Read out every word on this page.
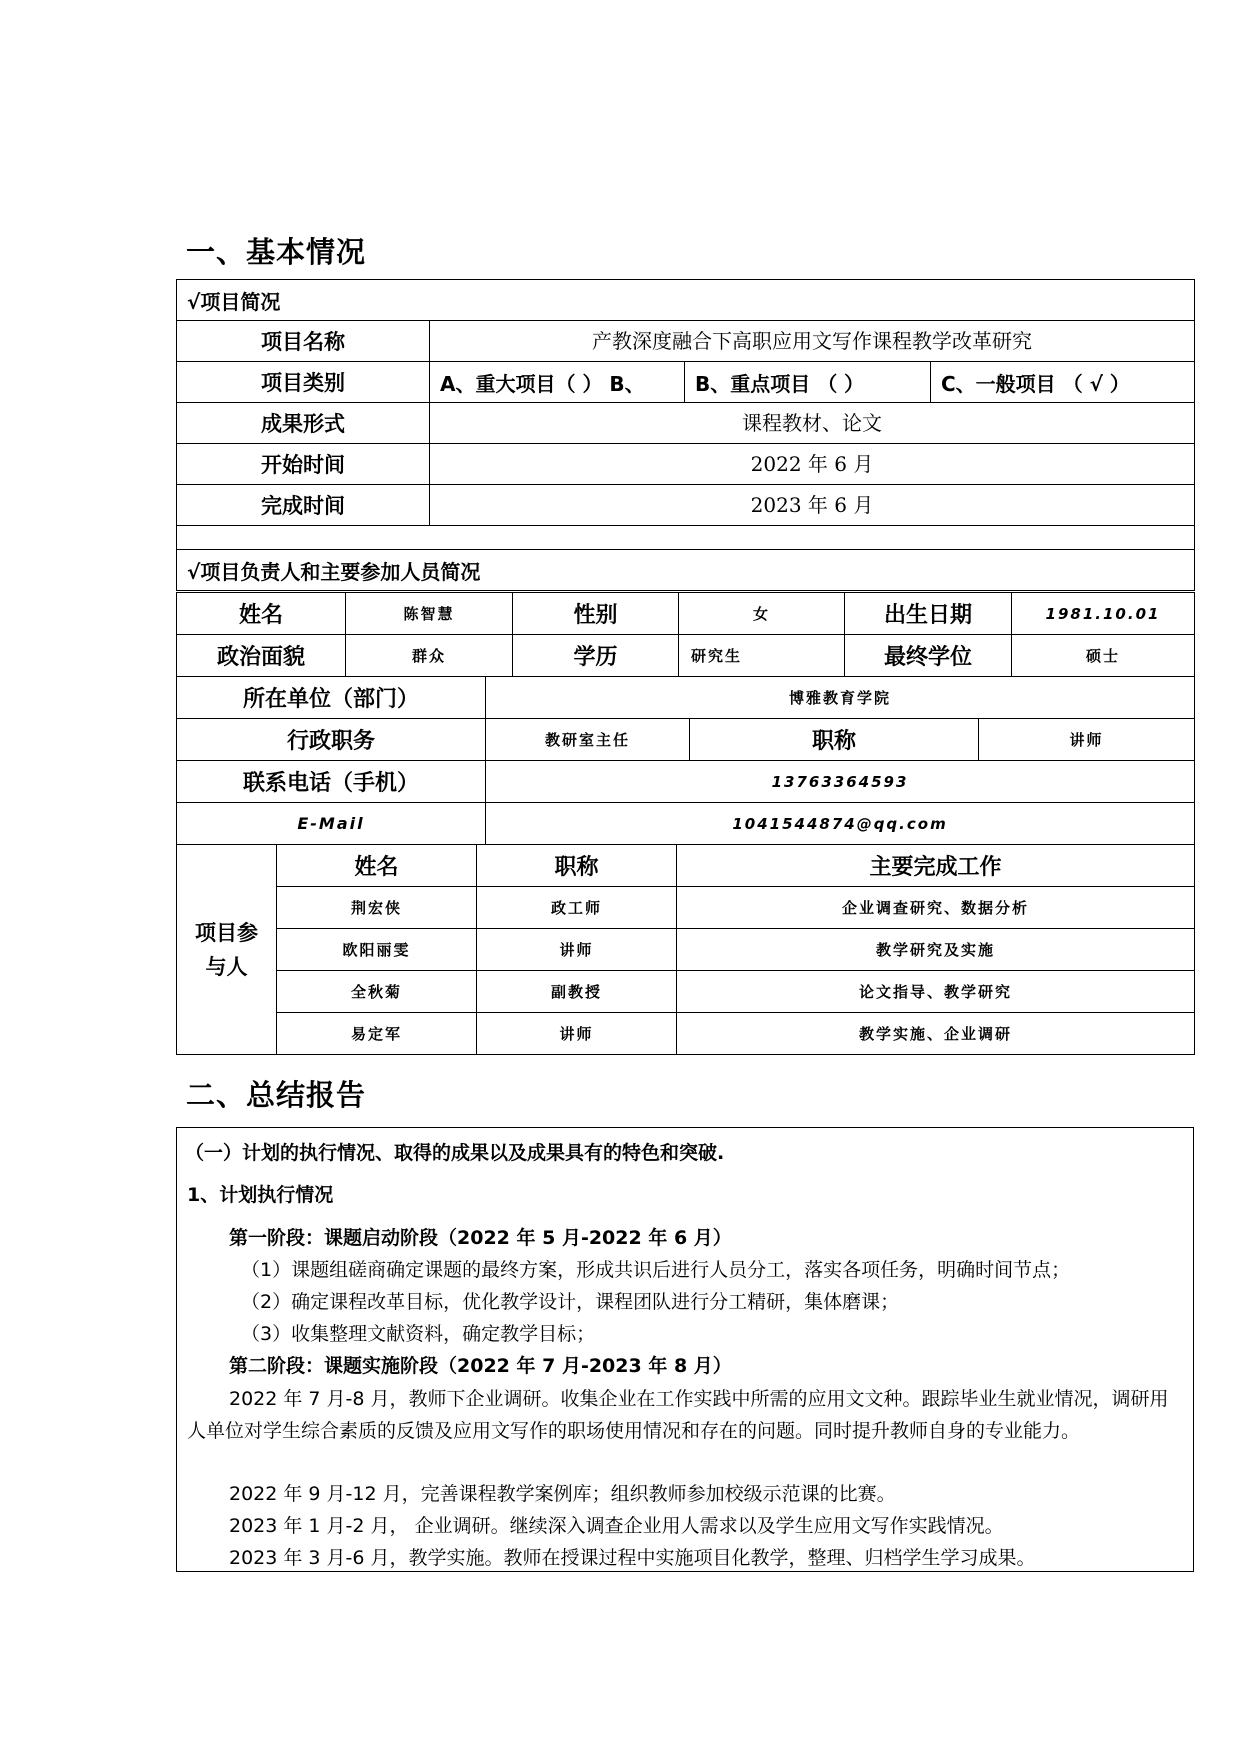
一、基本情况
√项目简况			
项目名称	产教深度融合下高职应用文写作课程教学改革研究		
项目类别	A、重大项目（ ） B、	B、重点项目 （ ）	C、一般项目 （ √ ）
成果形式	课程教材、论文		
开始时间	2022 年 6 月		
完成时间	2023 年 6 月		

√项目负责人和主要参加人员简况			
姓名	陈智慧	性别	女	出生日期	1981.10.01
政治面貌	群众	学历	研究生	最终学位	硕士
所在单位（部门）	博雅教育学院		
行政职务	教研室主任	职称	讲师
联系电话（手机）	13763364593		
E-Mail	1041544874@qq.com		
项目参
与人	姓名	职称	主要完成工作
	荆宏侠	政工师	企业调查研究、数据分析
	欧阳丽雯	讲师	教学研究及实施
	全秋菊	副教授	论文指导、教学研究
	易定军	讲师	教学实施、企业调研
二、总结报告

（一）计划的执行情况、取得的成果以及成果具有的特色和突破.

1、计划执行情况

第一阶段：课题启动阶段（2022 年 5 月-2022 年 6 月）

（1）课题组磋商确定课题的最终方案，形成共识后进行人员分工，落实各项任务，明确时间节点；

（2）确定课程改革目标，优化教学设计，课程团队进行分工精研，集体磨课；

（3）收集整理文献资料，确定教学目标；

第二阶段：课题实施阶段（2022 年 7 月-2023 年 8 月）

2022 年 7 月-8 月，教师下企业调研。收集企业在工作实践中所需的应用文文种。跟踪毕业生就业情况，调研用人单位对学生综合素质的反馈及应用文写作的职场使用情况和存在的问题。同时提升教师自身的专业能力。

2022 年 9 月-12 月，完善课程教学案例库；组织教师参加校级示范课的比赛。

2023 年 1 月-2 月， 企业调研。继续深入调查企业用人需求以及学生应用文写作实践情况。

2023 年 3 月-6 月，教学实施。教师在授课过程中实施项目化教学，整理、归档学生学习成果。
